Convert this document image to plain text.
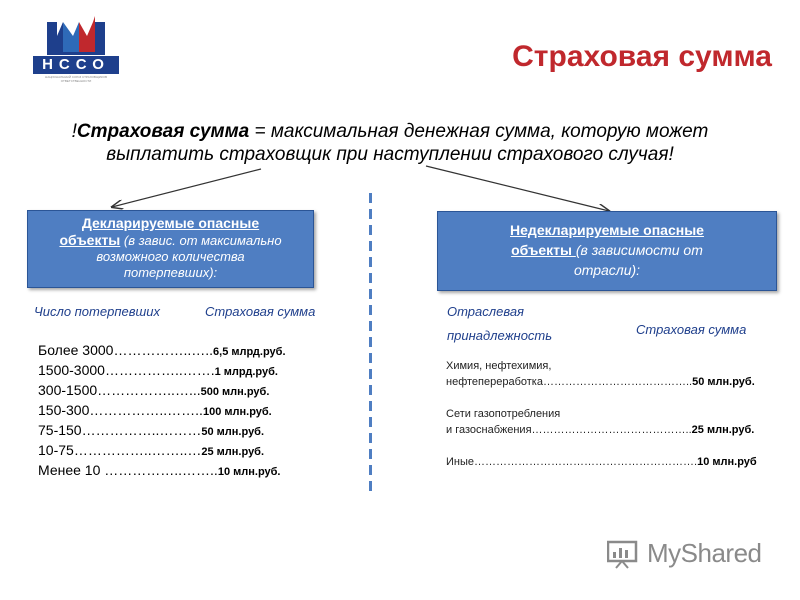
НССО
НАЦИОНАЛЬНЫЙ СОЮЗ СТРАХОВЩИКОВ ОТВЕТСТВЕННОСТИ
Страховая сумма
!Страховая сумма = максимальная денежная сумма, которую может
выплатить страховщик при наступлении страхового случая!
Декларируемые опасные
объекты (в завис. от максимально
возможного количества
потерпевших):
Недекларируемые опасные
объекты (в зависимости от
отрасли):
Число потерпевших	Страховая сумма	Отраслевая
принадлежность	Страховая сумма
Более 3000……………..…..6,5 млрд.руб.
1500-3000……………..…….1 млрд.руб.
300-1500……………..…...500 млн.руб.
150-300……………..……..100 млн.руб.
75-150……………..………50 млн.руб.
10-75……………..……..…25 млн.руб.
Менее 10 ……………..……..10 млн.руб.
Химия, нефтехимия,
нефтепереработка…………………………………..50 млн.руб.
Сети газопотребления
и газоснабжения……………………………………..25 млн.руб.
Иные…………………………………………………….10 млн.руб
MyShared
